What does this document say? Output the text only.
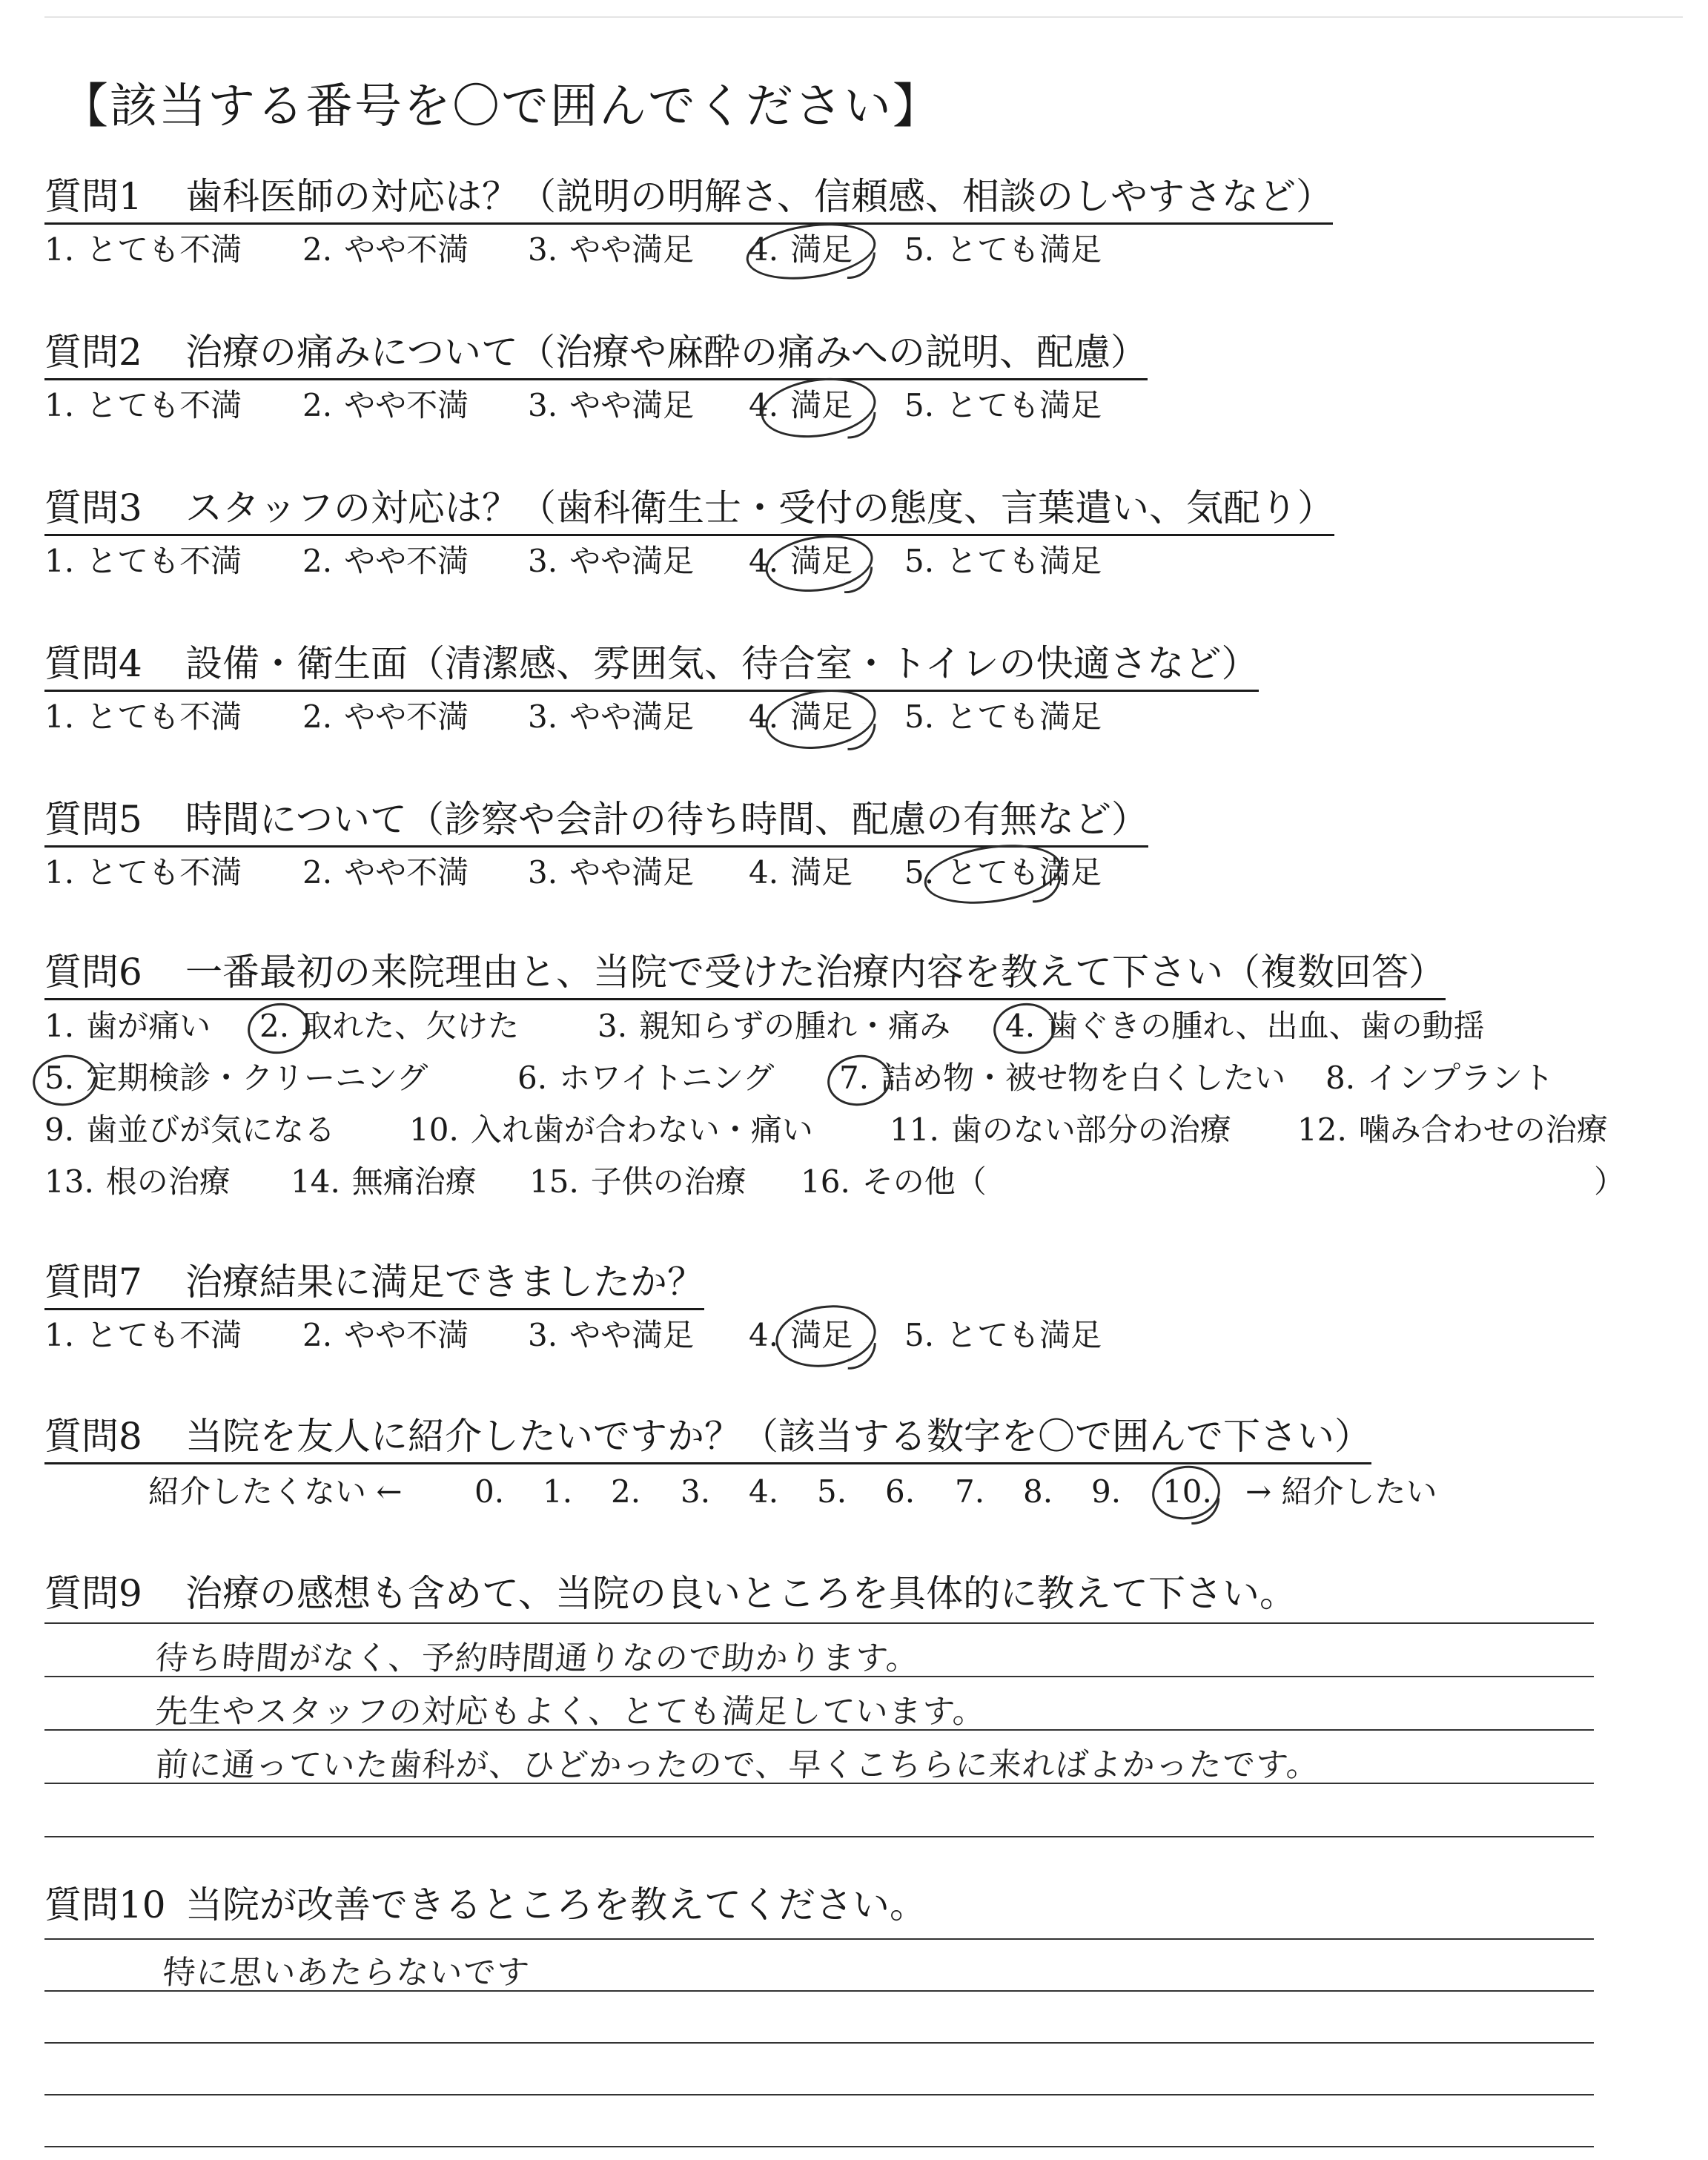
【該当する番号を〇で囲んでください】
質問1 歯科医師の対応は？（説明の明解さ、信頼感、相談のしやすさなど）
1. とても不満 2. やや不満 3. やや満足 4. 満足 5. とても満足
質問2 治療の痛みについて（治療や麻酔の痛みへの説明、配慮）
1. とても不満 2. やや不満 3. やや満足 4. 満足 5. とても満足
質問3 スタッフの対応は？（歯科衛生士・受付の態度、言葉遣い、気配り）
1. とても不満 2. やや不満 3. やや満足 4. 満足 5. とても満足
質問4 設備・衛生面（清潔感、雰囲気、待合室・トイレの快適さなど）
1. とても不満 2. やや不満 3. やや満足 4. 満足 5. とても満足
質問5 時間について（診察や会計の待ち時間、配慮の有無など）
1. とても不満 2. やや不満 3. やや満足 4. 満足 5. とても満足
質問6 一番最初の来院理由と、当院で受けた治療内容を教えて下さい（複数回答）
1. 歯が痛い 2. 取れた、欠けた	3. 親知らずの腫れ・痛み 4. 歯ぐきの腫れ、出血、歯の動揺
5. 定期検診・クリーニング	6. ホワイトニング 7. 詰め物・被せ物を白くしたい 8. インプラント
9. 歯並びが気になる 10. 入れ歯が合わない・痛い 11. 歯のない部分の治療 12. 噛み合わせの治療
13. 根の治療 14. 無痛治療 15. 子供の治療 16. その他（	）
質問7 治療結果に満足できましたか？
1. とても不満 2. やや不満 3. やや満足 4. 満足 5. とても満足
質問8 当院を友人に紹介したいですか？（該当する数字を〇で囲んで下さい）
紹介したくない ← 0. 1. 2. 3. 4. 5. 6. 7. 8. 9. 10. → 紹介したい
質問9 治療の感想も含めて、当院の良いところを具体的に教えて下さい。
待ち時間がなく、予約時間通りなので助かります。
先生やスタッフの対応もよく、とても満足しています。
前に通っていた歯科が、ひどかったので、早くこちらに来ればよかったです。
質問10 当院が改善できるところを教えてください。
特に思いあたらないです
